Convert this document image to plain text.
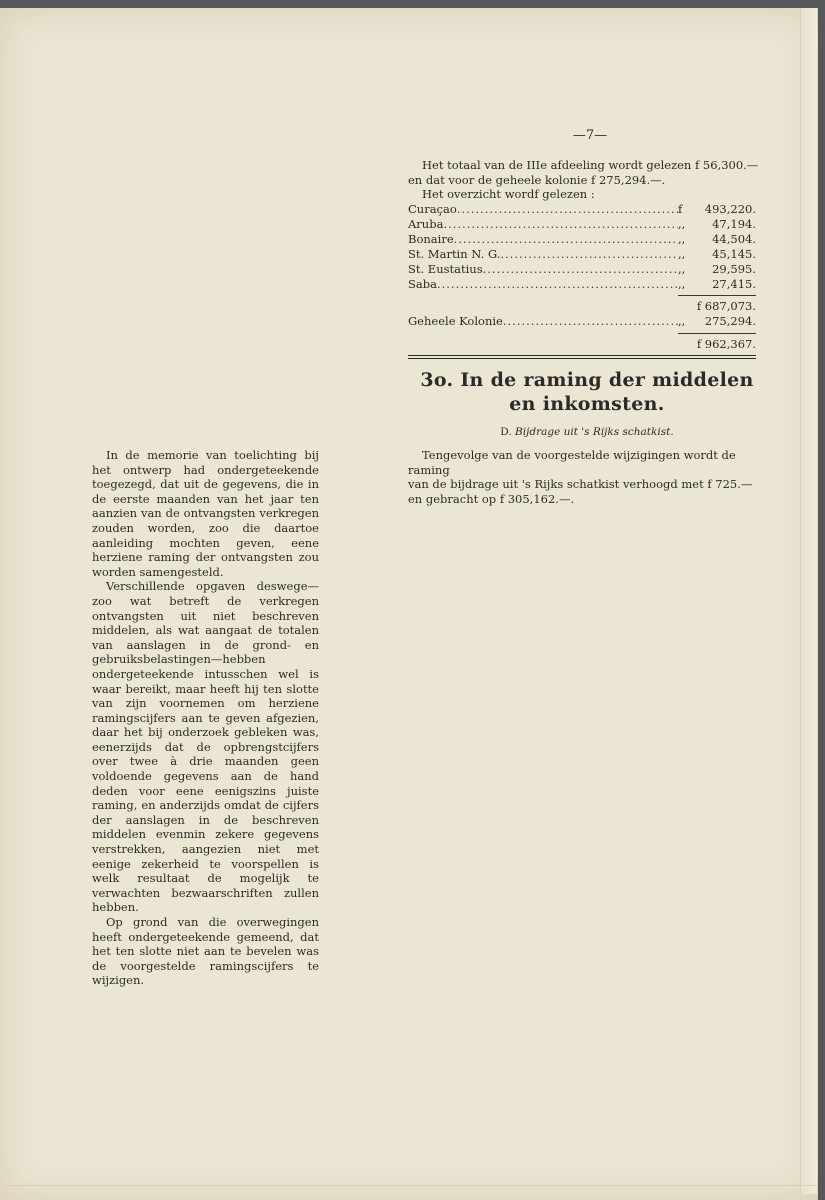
—7—

Het totaal van de IIIe afdeeling wordt gelezen f 56,300.—

en dat voor de geheele kolonie f 275,294.—.

Het overzicht wordf gelezen :

Curaçao .....	f	493,220.
Aruba .....	,,	47,194.
Bonaire .....	,,	44,504.
St. Martin N. G. .....	,,	45,145.
St. Eustatius .....	,,	29,595.
Saba .....	,,	27,415.
f 687,073.
Geheele Kolonie .....	,,	275,294.
f 962,367.
3o. In de raming der middelen en inkomsten.
D. Bijdrage uit 's Rijks schatkist.

Tengevolge van de voorgestelde wijzigingen wordt de raming

van de bijdrage uit 's Rijks schatkist verhoogd met f 725.—

en gebracht op f 305,162.—.

In de memorie van toelichting bij het ontwerp had ondergeteekende toegezegd, dat uit de gegevens, die in de eerste maanden van het jaar ten aanzien van de ontvangsten verkregen zouden worden, zoo die daartoe aanleiding mochten geven, eene herziene raming der ontvangsten zou worden samengesteld.

Verschillende opgaven deswege—zoo wat betreft de verkregen ontvangsten uit niet beschreven middelen, als wat aangaat de totalen van aanslagen in de grond- en gebruiksbelastingen—hebben ondergeteekende intusschen wel is waar bereikt, maar heeft hij ten slotte van zijn voornemen om herziene ramingscijfers aan te geven afgezien, daar het bij onderzoek gebleken was, eenerzijds dat de opbrengstcijfers over twee à drie maanden geen voldoende gegevens aan de hand deden voor eene eenigszins juiste raming, en anderzijds omdat de cijfers der aanslagen in de beschreven middelen evenmin zekere gegevens verstrekken, aangezien niet met eenige zekerheid te voorspellen is welk resultaat de mogelijk te verwachten bezwaarschriften zullen hebben.

Op grond van die overwegingen heeft ondergeteekende gemeend, dat het ten slotte niet aan te bevelen was de voorgestelde ramingscijfers te wijzigen.
